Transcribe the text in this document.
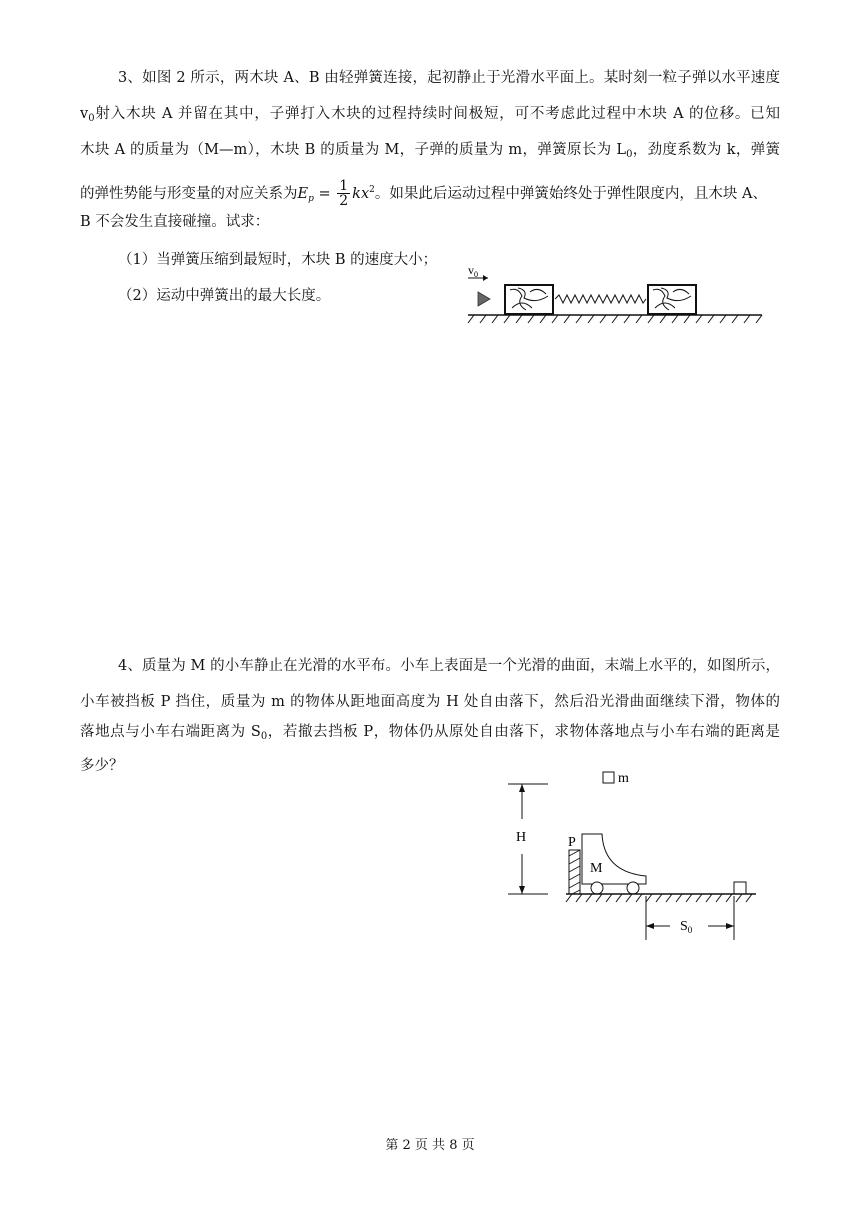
3、如图 2 所示，两木块 A、B 由轻弹簧连接，起初静止于光滑水平面上。某时刻一粒子弹以水平速度
$v_0$射入木块 A 并留在其中，子弹打入木块的过程持续时间极短，可不考虑此过程中木块 A 的位移。已知
木块 A 的质量为（M—m），木块 B 的质量为 M，子弹的质量为 m，弹簧原长为 $L_0$，劲度系数为 k，弹簧
的弹性势能与形变量的对应关系为$E_p = \frac{1}{2} kx^2$。如果此后运动过程中弹簧始终处于弹性限度内，且木块 A、
B 不会发生直接碰撞。试求：
（1）当弹簧压缩到最短时，木块 B 的速度大小；
（2）运动中弹簧出的最大长度。
$v_0$
4、质量为 M 的小车静止在光滑的水平布。小车上表面是一个光滑的曲面，末端上水平的，如图所示，
小车被挡板 P 挡住，质量为 m 的物体从距地面高度为 H 处自由落下，然后沿光滑曲面继续下滑，物体的
落地点与小车右端距离为 $S_0$，若撤去挡板 P，物体仍从原处自由落下，求物体落地点与小车右端的距离是
多少？
m
H	P
M
$S_0$
第 2 页 共 8 页
